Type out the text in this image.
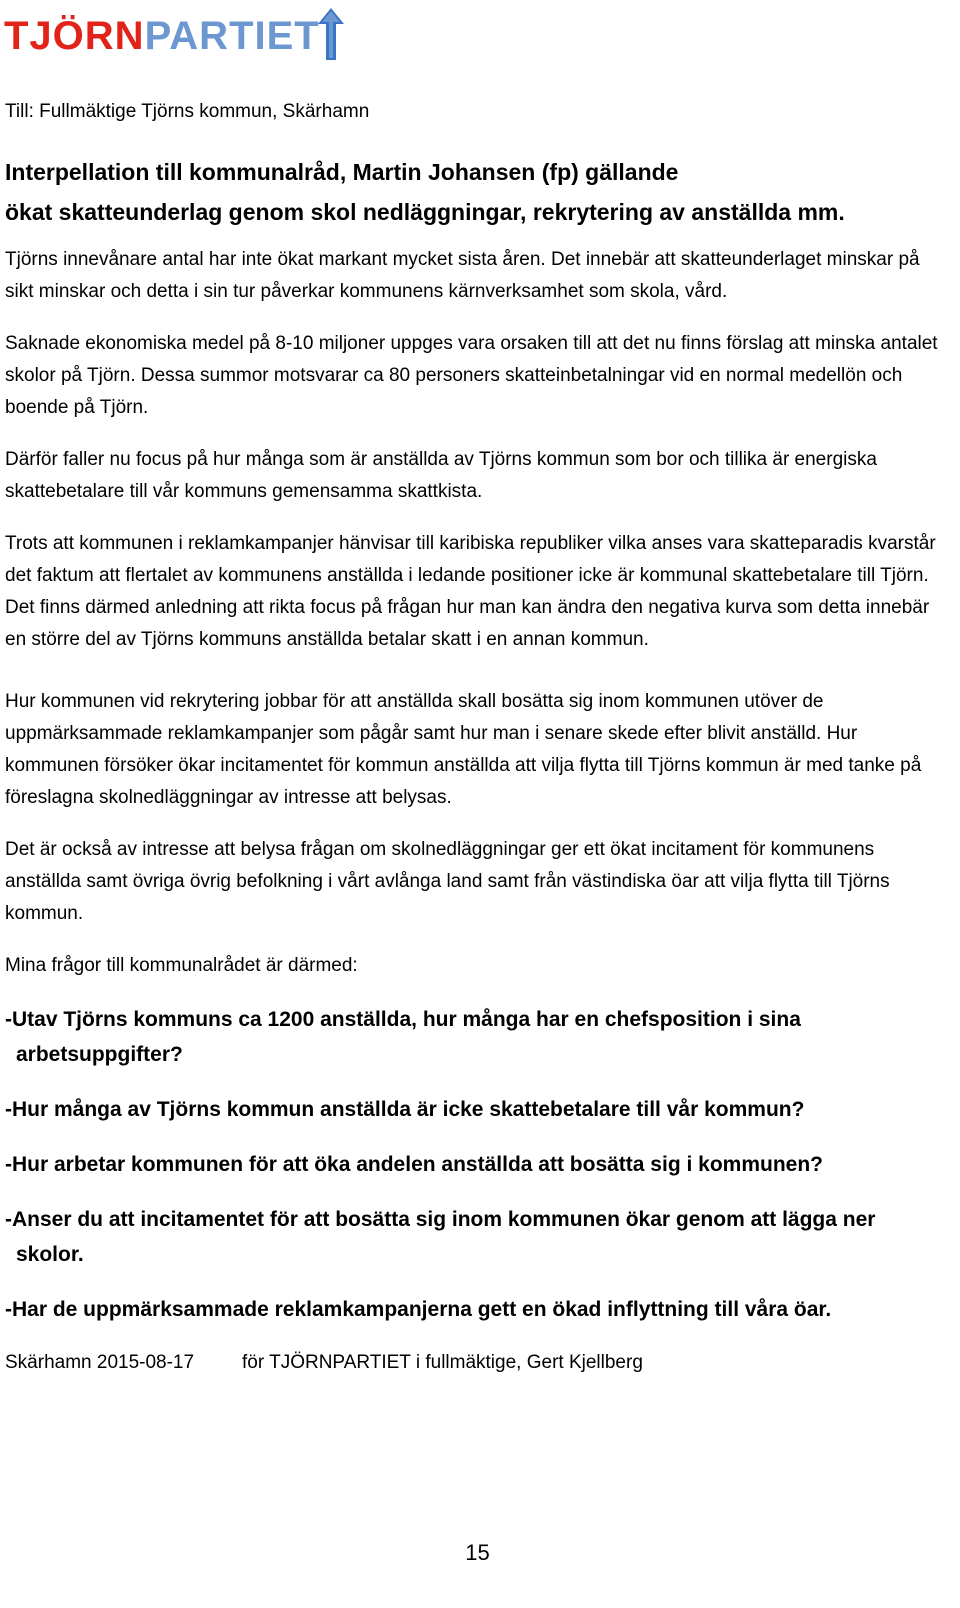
TJÖRNPARTIET

Till: Fullmäktige Tjörns kommun, Skärhamn

Interpellation till kommunalråd, Martin Johansen (fp) gällande
ökat skatteunderlag genom skol nedläggningar, rekrytering av anställda mm.

Tjörns innevånare antal har inte ökat markant mycket sista åren. Det innebär att skatteunderlaget minskar på sikt minskar och detta i sin tur påverkar kommunens kärnverksamhet som skola, vård.

Saknade ekonomiska medel på 8-10 miljoner uppges vara orsaken till att det nu finns förslag att minska antalet skolor på Tjörn. Dessa summor motsvarar ca 80 personers skatteinbetalningar vid en normal medellön och boende på Tjörn.

Därför faller nu focus på hur många som är anställda av Tjörns kommun som bor och tillika är energiska skattebetalare till vår kommuns gemensamma skattkista.

Trots att kommunen i reklamkampanjer hänvisar till karibiska republiker vilka anses vara skatteparadis kvarstår det faktum att flertalet av kommunens anställda i ledande positioner icke är kommunal skattebetalare till Tjörn.

Det finns därmed anledning att rikta focus på frågan hur man kan ändra den negativa kurva som detta innebär en större del av Tjörns kommuns anställda betalar skatt i en annan kommun.

Hur kommunen vid rekrytering jobbar för att anställda skall bosätta sig inom kommunen utöver de uppmärksammade reklamkampanjer som pågår samt hur man i senare skede efter blivit anställd. Hur kommunen försöker ökar incitamentet för kommun anställda att vilja flytta till Tjörns kommun är med tanke på föreslagna skolnedläggningar av intresse att belysas.

Det är också av intresse att belysa frågan om skolnedläggningar ger ett ökat incitament för kommunens anställda samt övriga övrig befolkning i vårt avlånga land samt från västindiska öar att vilja flytta till Tjörns kommun.

Mina frågor till kommunalrådet är därmed:

-Utav Tjörns kommuns ca 1200 anställda, hur många har en chefsposition i sina arbetsuppgifter?

-Hur många av Tjörns kommun anställda är icke skattebetalare till vår kommun?

-Hur arbetar kommunen för att öka andelen anställda att bosätta sig i kommunen?

-Anser du att incitamentet för att bosätta sig inom kommunen ökar genom att lägga ner skolor.

-Har de uppmärksammade reklamkampanjerna gett en ökad inflyttning till våra öar.

Skärhamn 2015-08-17	för TJÖRNPARTIET i fullmäktige, Gert Kjellberg

15
